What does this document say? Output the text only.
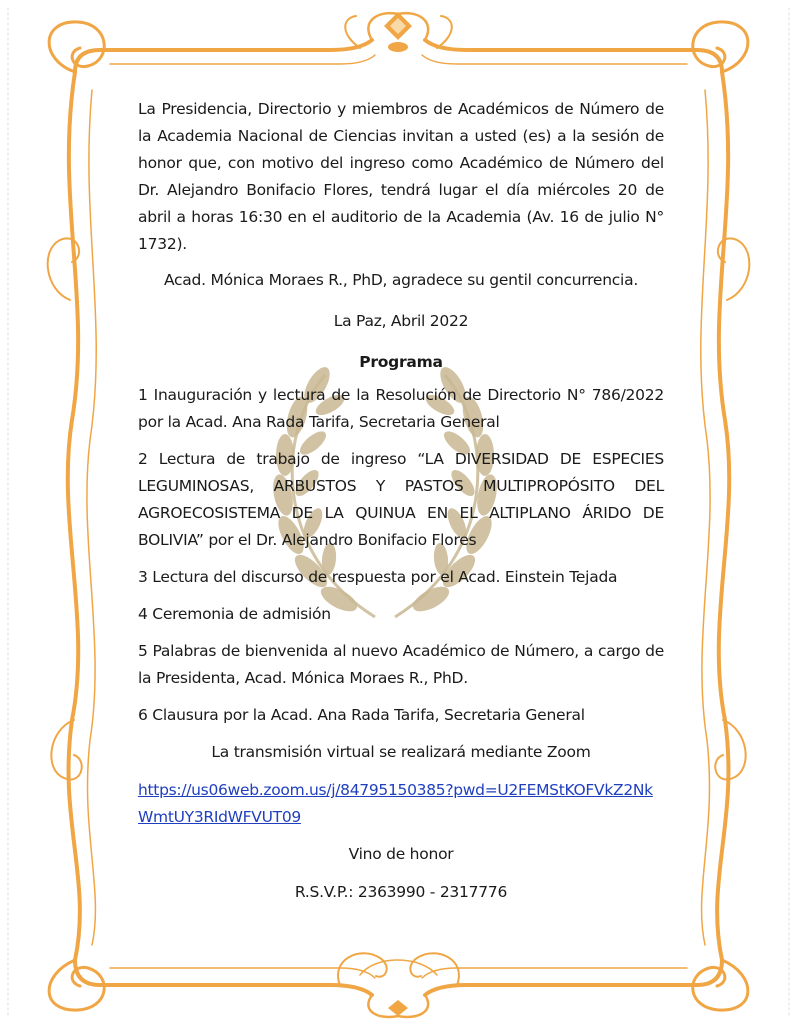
La Presidencia, Directorio y miembros de Académicos de Número de la Academia Nacional de Ciencias invitan a usted (es) a la sesión de honor que, con motivo del ingreso como Académico de Número del Dr. Alejandro Bonifacio Flores, tendrá lugar el día miércoles 20 de abril a horas 16:30 en el auditorio de la Academia (Av. 16 de julio N° 1732).

Acad. Mónica Moraes R., PhD, agradece su gentil concurrencia.

La Paz, Abril 2022

Programa
1 Inauguración y lectura de la Resolución de Directorio N° 786/2022 por la Acad. Ana Rada Tarifa, Secretaria General
2 Lectura de trabajo de ingreso “LA DIVERSIDAD DE ESPECIES LEGUMINOSAS, ARBUSTOS Y PASTOS MULTIPROPÓSITO DEL AGROECOSISTEMA DE LA QUINUA EN EL ALTIPLANO ÁRIDO DE BOLIVIA” por el Dr. Alejandro Bonifacio Flores
3 Lectura del discurso de respuesta por el Acad. Einstein Tejada
4 Ceremonia de admisión
5 Palabras de bienvenida al nuevo Académico de Número, a cargo de la Presidenta, Acad. Mónica Moraes R., PhD.
6 Clausura por la Acad. Ana Rada Tarifa, Secretaria General
La transmisión virtual se realizará mediante Zoom
https://us06web.zoom.us/j/84795150385?pwd=U2FEMStKOFVkZ2NkWmtUY3RIdWFVUT09
Vino de honor
R.S.V.P.: 2363990 - 2317776
